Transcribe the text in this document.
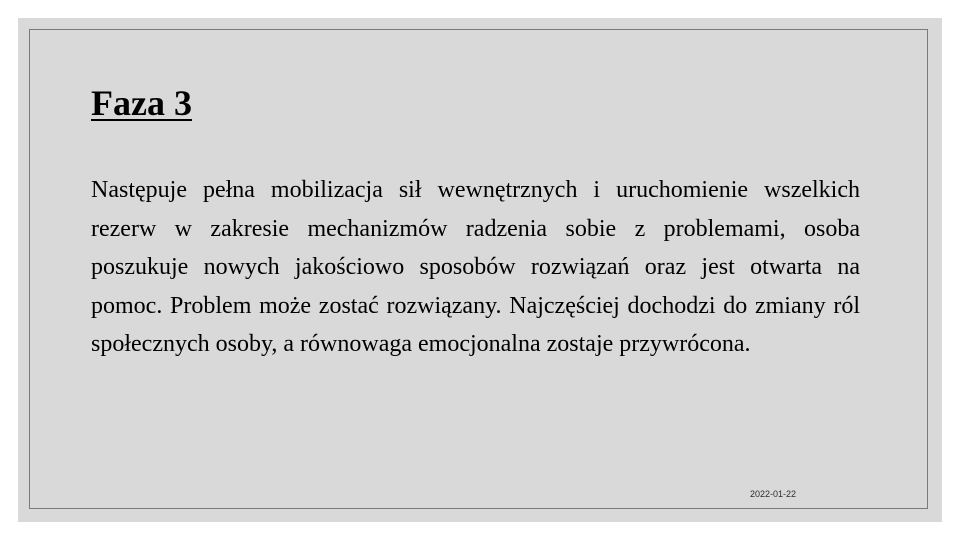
Faza 3

Następuje pełna mobilizacja sił wewnętrznych i uruchomienie wszelkich rezerw w zakresie mechanizmów radzenia sobie z problemami, osoba poszukuje nowych jakościowo sposobów rozwiązań oraz jest otwarta na pomoc. Problem może zostać rozwiązany. Najczęściej dochodzi do zmiany ról społecznych osoby, a równowaga emocjonalna zostaje przywrócona.

2022-01-22
